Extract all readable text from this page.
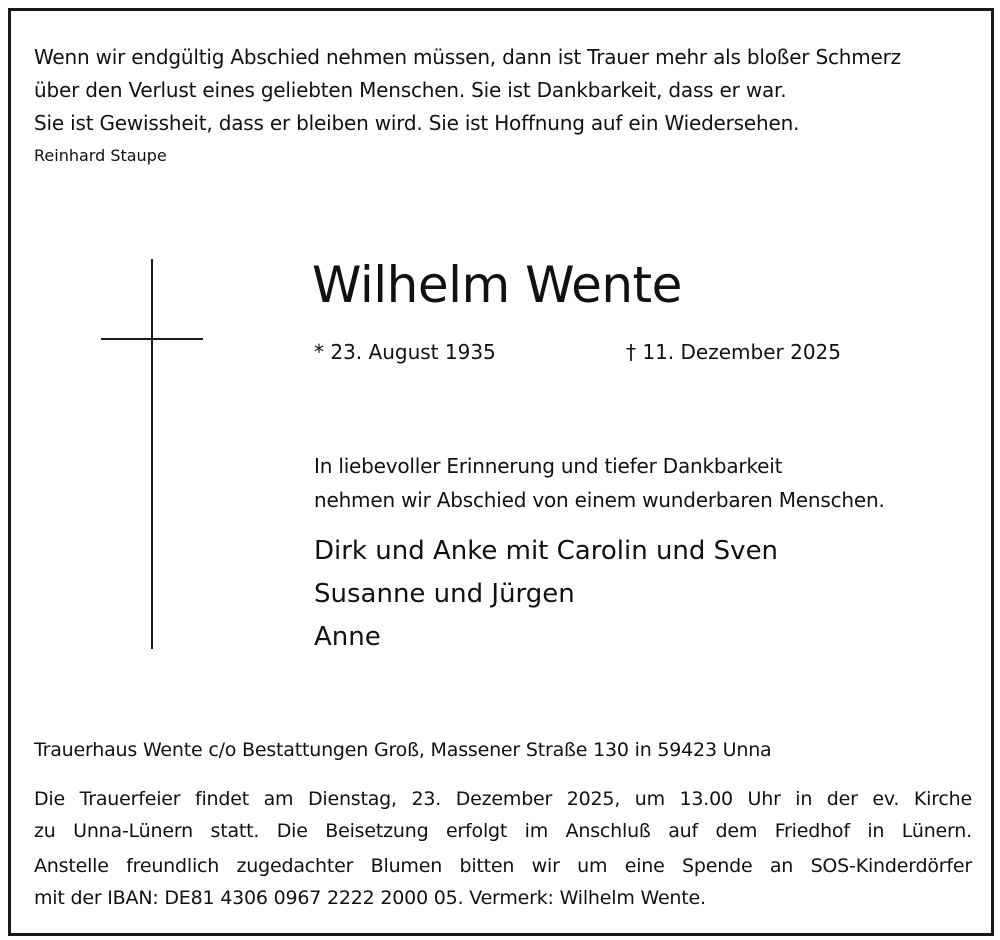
Wenn wir endgültig Abschied nehmen müssen, dann ist Trauer mehr als bloßer Schmerz
über den Verlust eines geliebten Menschen. Sie ist Dankbarkeit, dass er war.
Sie ist Gewissheit, dass er bleiben wird. Sie ist Hoffnung auf ein Wiedersehen.
Reinhard Staupe
Wilhelm Wente
* 23. August 1935	† 11. Dezember 2025
In liebevoller Erinnerung und tiefer Dankbarkeit
nehmen wir Abschied von einem wunderbaren Menschen.
Dirk und Anke mit Carolin und Sven
Susanne und Jürgen
Anne
Trauerhaus Wente c/o Bestattungen Groß, Massener Straße 130 in 59423 Unna
Die Trauerfeier findet am Dienstag, 23. Dezember 2025, um 13.00 Uhr in der ev. Kirche
zu Unna-Lünern statt. Die Beisetzung erfolgt im Anschluß auf dem Friedhof in Lünern.
Anstelle freundlich zugedachter Blumen bitten wir um eine Spende an SOS-Kinderdörfer
mit der IBAN: DE81 4306 0967 2222 2000 05. Vermerk: Wilhelm Wente.
